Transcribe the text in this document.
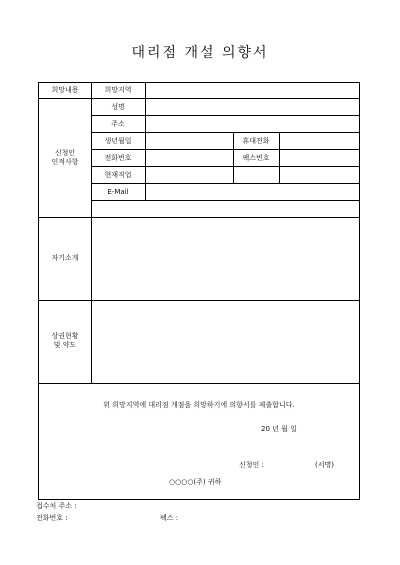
대리점 개설 의향서
희망내용	희망지역
신청인
인적사항
성명
주소
생년월일	휴대전화
전화번호	팩스번호
현재직업
E-Mail
자기소개
상권현황
및 약도
위 희망지역에 대리점 개점을 희망하기에 의향서를 제출합니다.
20 년 월 일
신청인 :	(서명)
○○○○(주) 귀하
접수처 주소 :
전화번호 :	팩스 :
